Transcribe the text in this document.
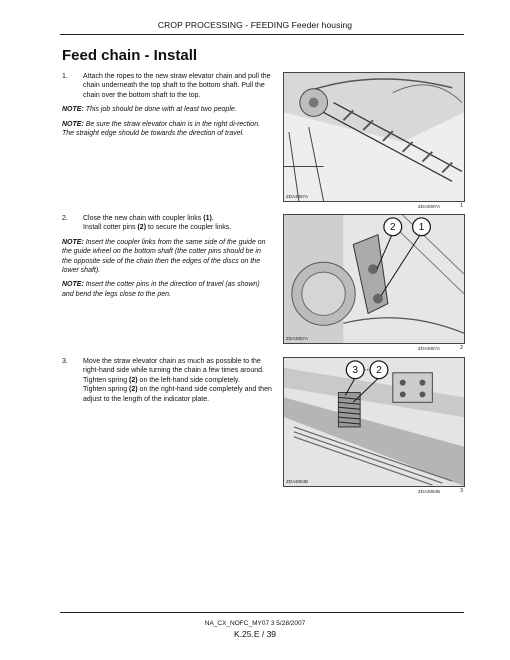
CROP PROCESSING - FEEDING Feeder housing
Feed chain - Install
1.	Attach the ropes to the new straw elevator chain and pull the chain underneath the top shaft to the bottom shaft. Pull the chain over the bottom shaft to the top.
NOTE: This job should be done with at least two people.
NOTE: Be sure the straw elevator chain is in the right di-rection. The straight edge should be towards the direction of travel.
ZDA3097A
ZDA3097A	1
2.	Close the new chain with coupler links (1).
Install cotter pins (2) to secure the coupler links.
NOTE: Insert the coupler links from the same side of the guide on the guide wheel on the bottom shaft (the cotter pins should be in the opposite side of the chain then the edges of the discs on the lower shaft).
NOTE: Insert the cotter pins in the direction of travel (as shown) and bend the legs close to the pen.
2 1
ZDA3057A
ZDA3057A	2
3.	Move the straw elevator chain as much as possible to the right-hand side while turning the chain a few times around.
Tighten spring (2) on the left-hand side completely.
Tighten spring (2) on the right-hand side completely and then adjust to the length of the indicator plate.
3 2
ZDA3054B
ZDA3054B	3
NA_CX_NOFC_MY07 3 5/28/2007
K.25.E / 39
